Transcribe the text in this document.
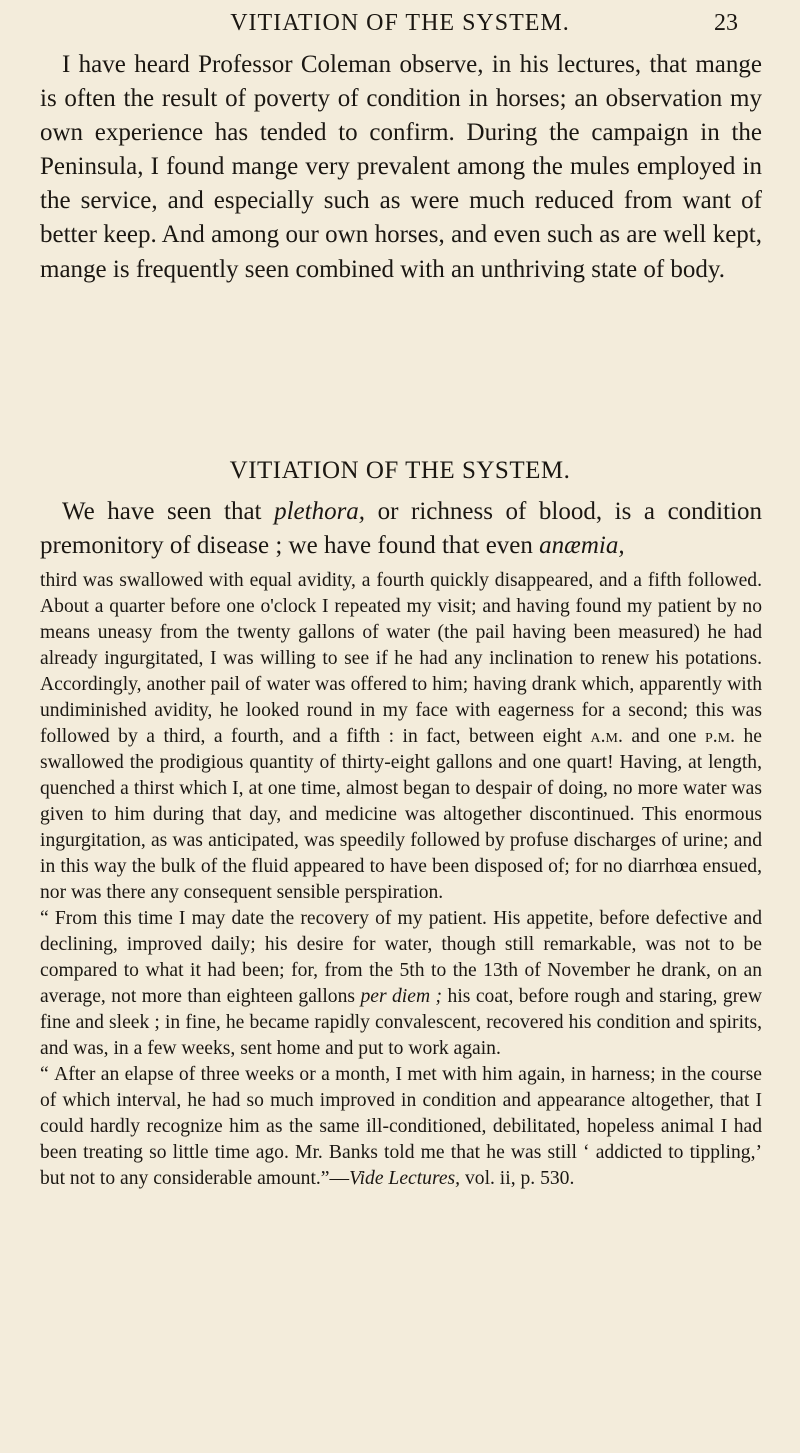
VITIATION OF THE SYSTEM.	23

I have heard Professor Coleman observe, in his lectures, that mange is often the result of poverty of condition in horses; an observation my own experience has tended to confirm. During the campaign in the Peninsula, I found mange very prevalent among the mules employed in the service, and especially such as were much reduced from want of better keep. And among our own horses, and even such as are well kept, mange is frequently seen combined with an unthriving state of body.

VITIATION OF THE SYSTEM.

We have seen that plethora, or richness of blood, is a condition premonitory of disease ; we have found that even anæmia,

third was swallowed with equal avidity, a fourth quickly disappeared, and a fifth followed. About a quarter before one o'clock I repeated my visit; and having found my patient by no means uneasy from the twenty gallons of water (the pail having been measured) he had already ingurgitated, I was willing to see if he had any inclination to renew his potations. Accordingly, another pail of water was offered to him; having drank which, apparently with undiminished avidity, he looked round in my face with eagerness for a second; this was followed by a third, a fourth, and a fifth : in fact, between eight a.m. and one p.m. he swallowed the prodigious quantity of thirty-eight gallons and one quart! Having, at length, quenched a thirst which I, at one time, almost began to despair of doing, no more water was given to him during that day, and medicine was altogether discontinued. This enormous ingurgitation, as was anticipated, was speedily followed by profuse discharges of urine; and in this way the bulk of the fluid appeared to have been disposed of; for no diarrhœa ensued, nor was there any consequent sensible perspiration.

“ From this time I may date the recovery of my patient. His appetite, before defective and declining, improved daily; his desire for water, though still remarkable, was not to be compared to what it had been; for, from the 5th to the 13th of November he drank, on an average, not more than eighteen gallons per diem ; his coat, before rough and staring, grew fine and sleek ; in fine, he became rapidly convalescent, recovered his condition and spirits, and was, in a few weeks, sent home and put to work again.

“ After an elapse of three weeks or a month, I met with him again, in harness; in the course of which interval, he had so much improved in condition and appearance altogether, that I could hardly recognize him as the same ill-conditioned, debilitated, hopeless animal I had been treating so little time ago. Mr. Banks told me that he was still ‘ addicted to tippling,’ but not to any considerable amount.”—Vide Lectures, vol. ii, p. 530.
